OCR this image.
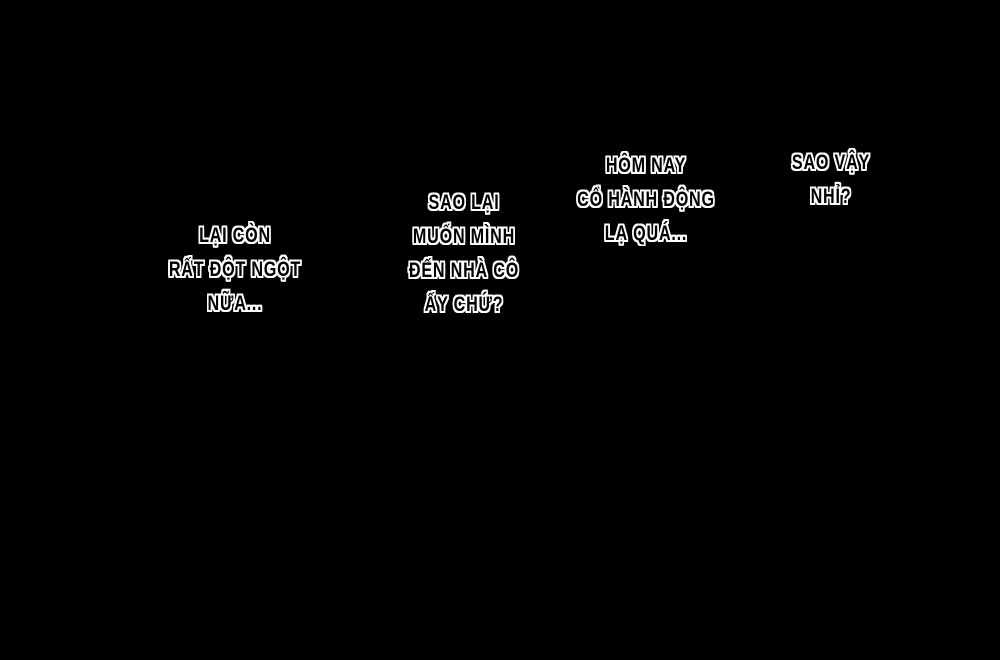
LẠI CÒN
RẤT ĐỘT NGỘT
NỮA...
SAO LẠI
MUỐN MÌNH
ĐẾN NHÀ CÔ
ẤY CHỨ?
HÔM NAY
CỔ HÀNH ĐỘNG
LẠ QUÁ...
SAO VẬY
NHỈ?
